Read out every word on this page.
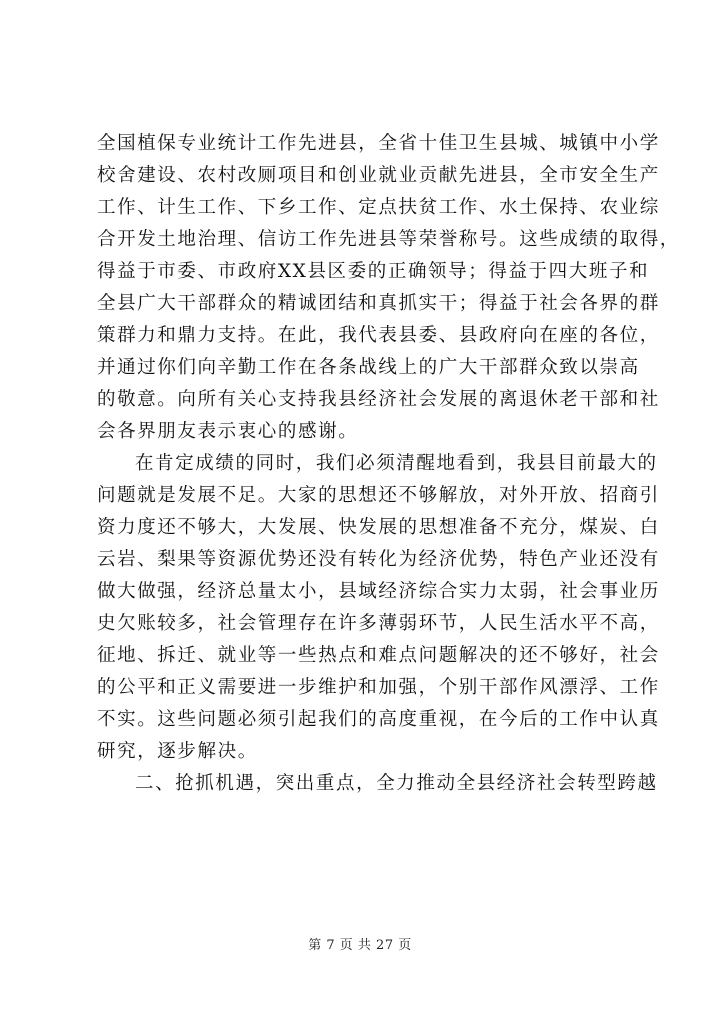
全国植保专业统计工作先进县，全省十佳卫生县城、城镇中小学
校舍建设、农村改厕项目和创业就业贡献先进县，全市安全生产
工作、计生工作、下乡工作、定点扶贫工作、水土保持、农业综
合开发土地治理、信访工作先进县等荣誉称号。这些成绩的取得，
得益于市委、市政府XX县区委的正确领导；得益于四大班子和
全县广大干部群众的精诚团结和真抓实干；得益于社会各界的群
策群力和鼎力支持。在此，我代表县委、县政府向在座的各位，
并通过你们向辛勤工作在各条战线上的广大干部群众致以崇高
的敬意。向所有关心支持我县经济社会发展的离退休老干部和社
会各界朋友表示衷心的感谢。
在肯定成绩的同时，我们必须清醒地看到，我县目前最大的
问题就是发展不足。大家的思想还不够解放，对外开放、招商引
资力度还不够大，大发展、快发展的思想准备不充分，煤炭、白
云岩、梨果等资源优势还没有转化为经济优势，特色产业还没有
做大做强，经济总量太小，县域经济综合实力太弱，社会事业历
史欠账较多，社会管理存在许多薄弱环节，人民生活水平不高，
征地、拆迁、就业等一些热点和难点问题解决的还不够好，社会
的公平和正义需要进一步维护和加强，个别干部作风漂浮、工作
不实。这些问题必须引起我们的高度重视，在今后的工作中认真
研究，逐步解决。
二、抢抓机遇，突出重点，全力推动全县经济社会转型跨越
第 7 页 共 27 页
